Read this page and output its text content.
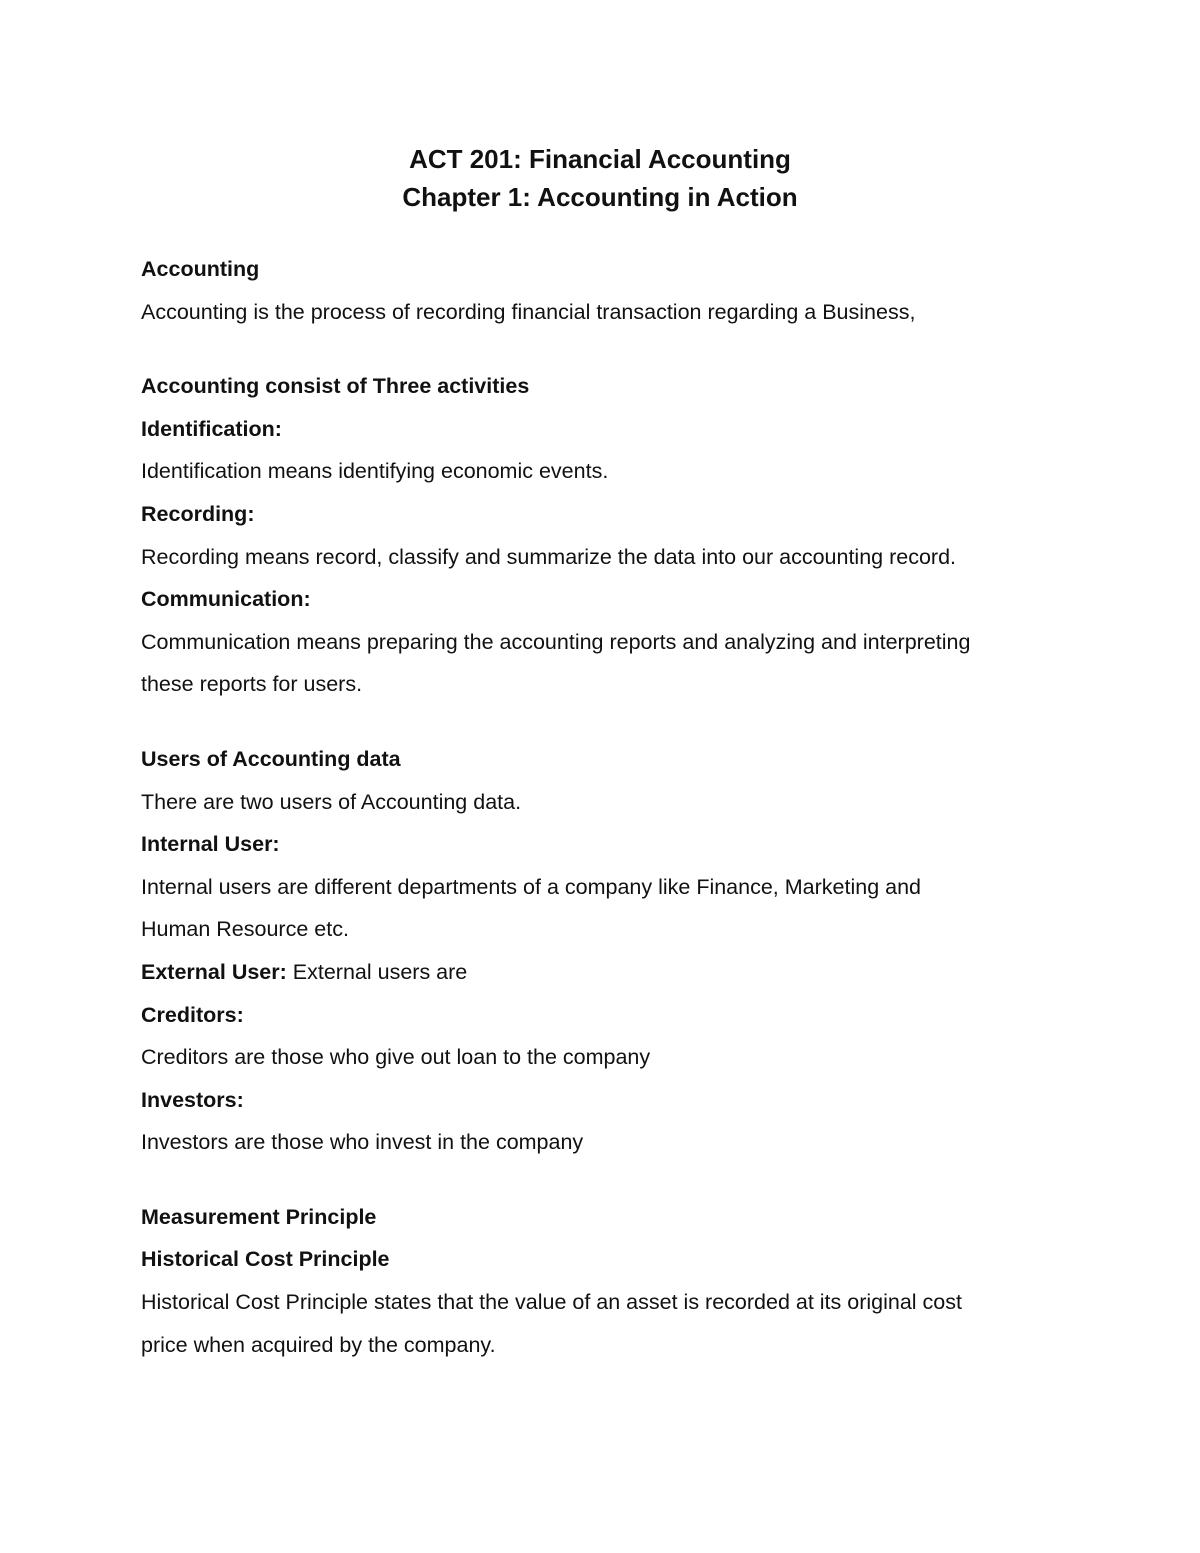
ACT 201: Financial Accounting

Chapter 1: Accounting in Action

Accounting

Accounting is the process of recording financial transaction regarding a Business,

Accounting consist of Three activities

Identification:

Identification means identifying economic events.

Recording:

Recording means record, classify and summarize the data into our accounting record.

Communication:

Communication means preparing the accounting reports and analyzing and interpreting

these reports for users.

Users of Accounting data

There are two users of Accounting data.

Internal User:

Internal users are different departments of a company like Finance, Marketing and

Human Resource etc.

External User: External users are

Creditors:

Creditors are those who give out loan to the company

Investors:

Investors are those who invest in the company

Measurement Principle

Historical Cost Principle

Historical Cost Principle states that the value of an asset is recorded at its original cost

price when acquired by the company.
